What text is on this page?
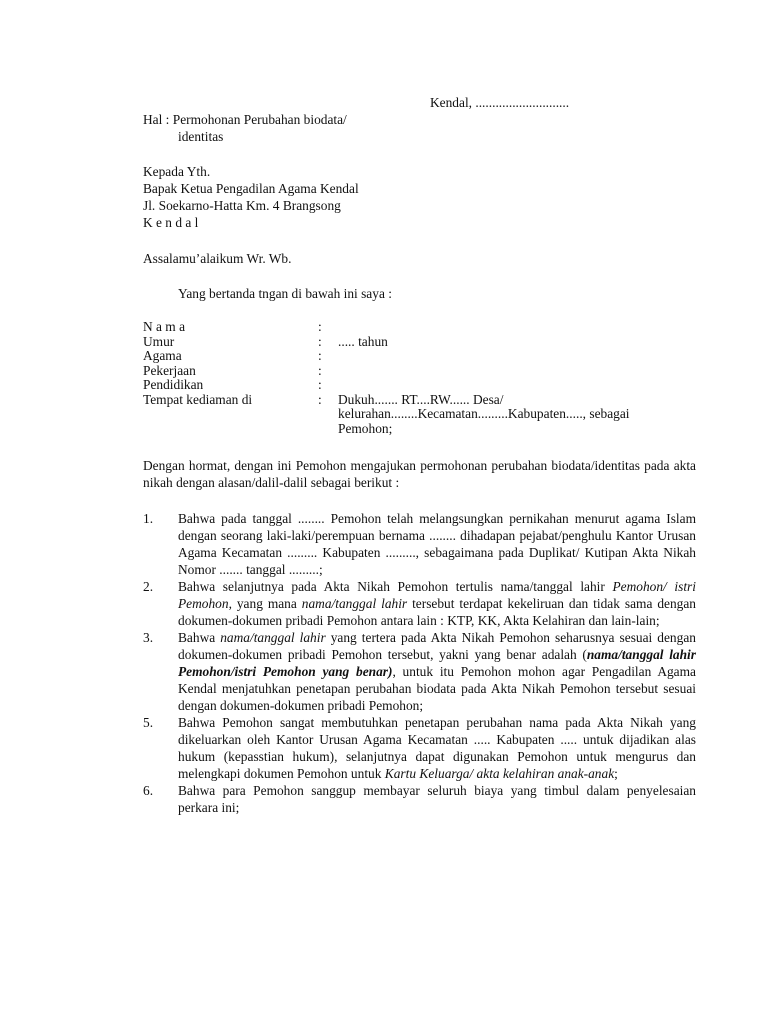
Kendal, ............................
Hal : Permohonan Perubahan biodata/
identitas
Kepada Yth.
Bapak Ketua Pengadilan Agama Kendal
Jl. Soekarno-Hatta Km. 4 Brangsong
K e n d a l
Assalamu’alaikum Wr. Wb.
Yang bertanda tngan di bawah ini saya :
N a m a	:
Umur	:	..... tahun
Agama	:
Pekerjaan	:
Pendidikan	:
Tempat kediaman di	:	Dukuh....... RT....RW...... Desa/
kelurahan........Kecamatan.........Kabupaten....., sebagai
Pemohon;
Dengan hormat, dengan ini Pemohon mengajukan permohonan perubahan biodata/identitas pada akta nikah dengan alasan/dalil-dalil sebagai berikut :
1.	Bahwa pada tanggal ........ Pemohon telah melangsungkan pernikahan menurut agama Islam dengan seorang laki-laki/perempuan bernama ........ dihadapan pejabat/penghulu Kantor Urusan Agama Kecamatan ......... Kabupaten ........., sebagaimana pada Duplikat/ Kutipan Akta Nikah Nomor ....... tanggal .........;
2.	Bahwa selanjutnya pada Akta Nikah Pemohon tertulis nama/tanggal lahir Pemohon/ istri Pemohon, yang mana nama/tanggal lahir tersebut terdapat kekeliruan dan tidak sama dengan dokumen-dokumen pribadi Pemohon antara lain : KTP, KK, Akta Kelahiran dan lain-lain;
3.	Bahwa nama/tanggal lahir yang tertera pada Akta Nikah Pemohon seharusnya sesuai dengan dokumen-dokumen pribadi Pemohon tersebut, yakni yang benar adalah (nama/tanggal lahir Pemohon/istri Pemohon yang benar), untuk itu Pemohon mohon agar Pengadilan Agama Kendal menjatuhkan penetapan perubahan biodata pada Akta Nikah Pemohon tersebut sesuai dengan dokumen-dokumen pribadi Pemohon;
5.	Bahwa Pemohon sangat membutuhkan penetapan perubahan nama pada Akta Nikah yang dikeluarkan oleh Kantor Urusan Agama Kecamatan ..... Kabupaten ..... untuk dijadikan alas hukum (kepasstian hukum), selanjutnya dapat digunakan Pemohon untuk mengurus dan melengkapi dokumen Pemohon untuk Kartu Keluarga/ akta kelahiran anak-anak;
6.	Bahwa para Pemohon sanggup membayar seluruh biaya yang timbul dalam penyelesaian perkara ini;
